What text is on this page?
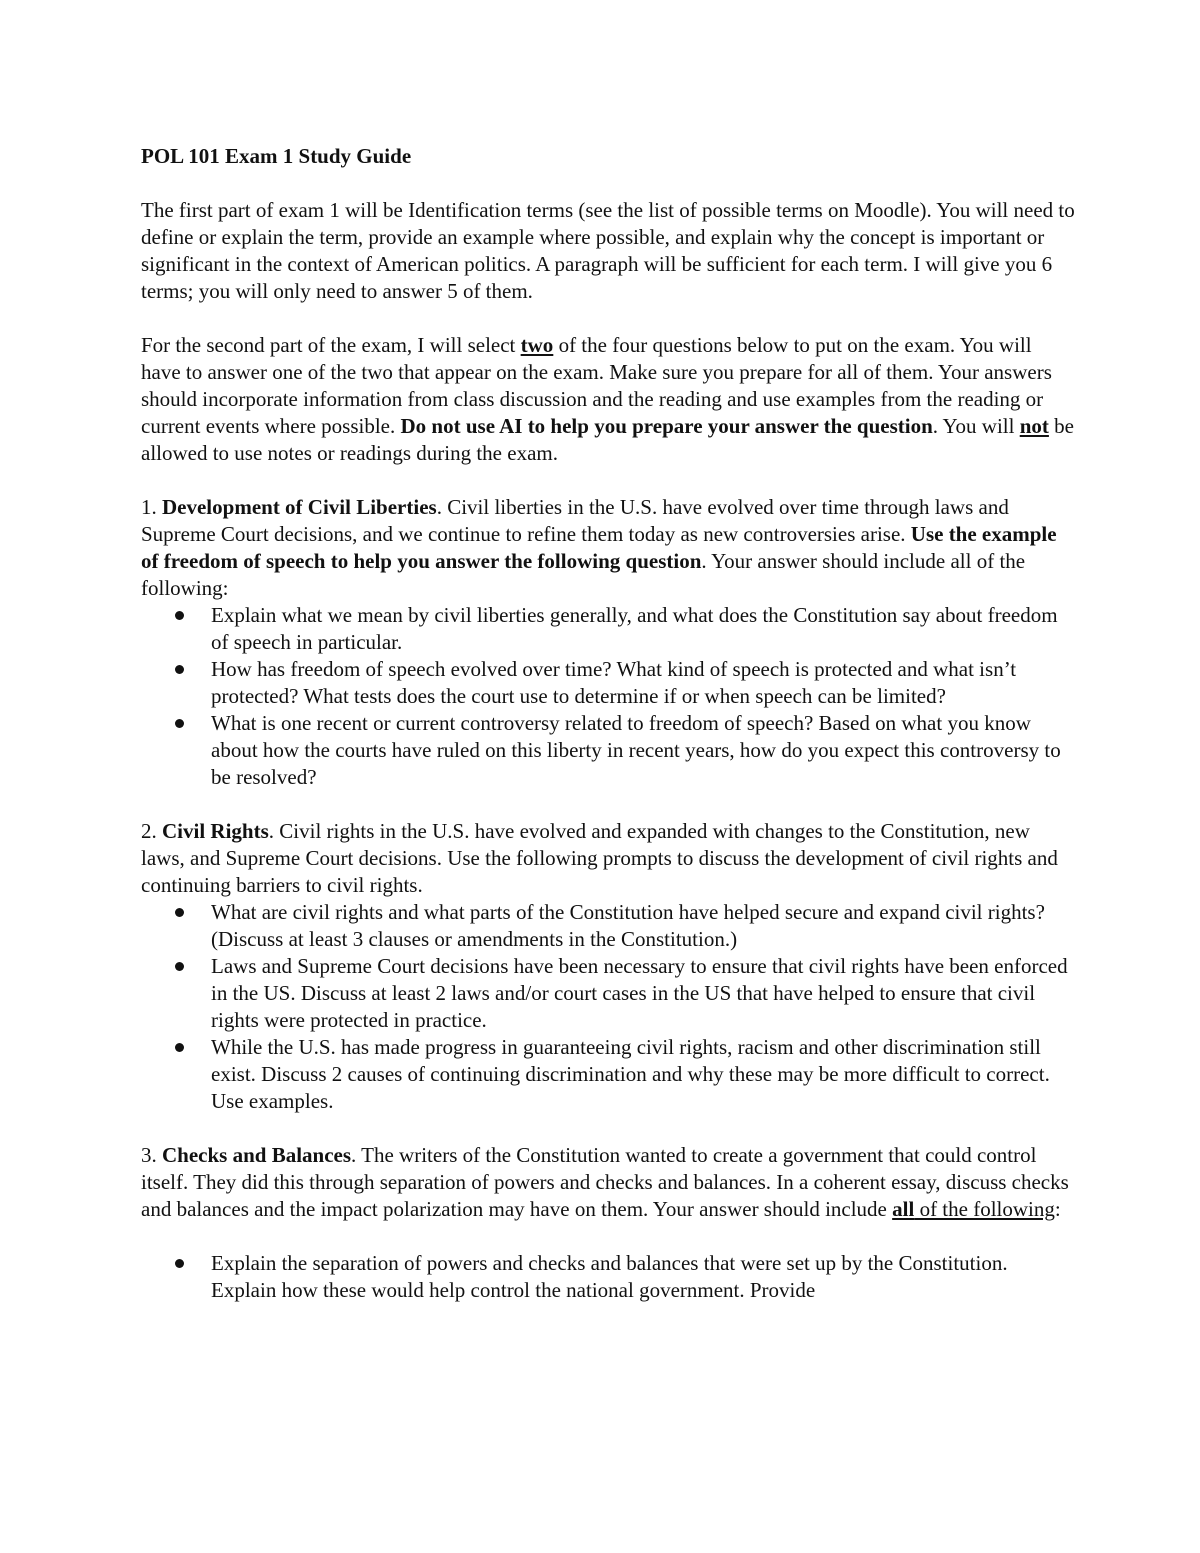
POL 101 Exam 1 Study Guide

The first part of exam 1 will be Identification terms (see the list of possible terms on Moodle). You will need to define or explain the term, provide an example where possible, and explain why the concept is important or significant in the context of American politics. A paragraph will be sufficient for each term. I will give you 6 terms; you will only need to answer 5 of them.

For the second part of the exam, I will select two of the four questions below to put on the exam. You will have to answer one of the two that appear on the exam. Make sure you prepare for all of them. Your answers should incorporate information from class discussion and the reading and use examples from the reading or current events where possible. Do not use AI to help you prepare your answer the question. You will not be allowed to use notes or readings during the exam.

1. Development of Civil Liberties. Civil liberties in the U.S. have evolved over time through laws and Supreme Court decisions, and we continue to refine them today as new controversies arise. Use the example of freedom of speech to help you answer the following question. Your answer should include all of the following:
Explain what we mean by civil liberties generally, and what does the Constitution say about freedom of speech in particular.
How has freedom of speech evolved over time? What kind of speech is protected and what isn’t protected? What tests does the court use to determine if or when speech can be limited?
What is one recent or current controversy related to freedom of speech? Based on what you know about how the courts have ruled on this liberty in recent years, how do you expect this controversy to be resolved?
2. Civil Rights. Civil rights in the U.S. have evolved and expanded with changes to the Constitution, new laws, and Supreme Court decisions. Use the following prompts to discuss the development of civil rights and continuing barriers to civil rights.
What are civil rights and what parts of the Constitution have helped secure and expand civil rights? (Discuss at least 3 clauses or amendments in the Constitution.)
Laws and Supreme Court decisions have been necessary to ensure that civil rights have been enforced in the US. Discuss at least 2 laws and/or court cases in the US that have helped to ensure that civil rights were protected in practice.
While the U.S. has made progress in guaranteeing civil rights, racism and other discrimination still exist. Discuss 2 causes of continuing discrimination and why these may be more difficult to correct. Use examples.
3. Checks and Balances. The writers of the Constitution wanted to create a government that could control itself. They did this through separation of powers and checks and balances. In a coherent essay, discuss checks and balances and the impact polarization may have on them. Your answer should include all of the following:
Explain the separation of powers and checks and balances that were set up by the Constitution. Explain how these would help control the national government. Provide
